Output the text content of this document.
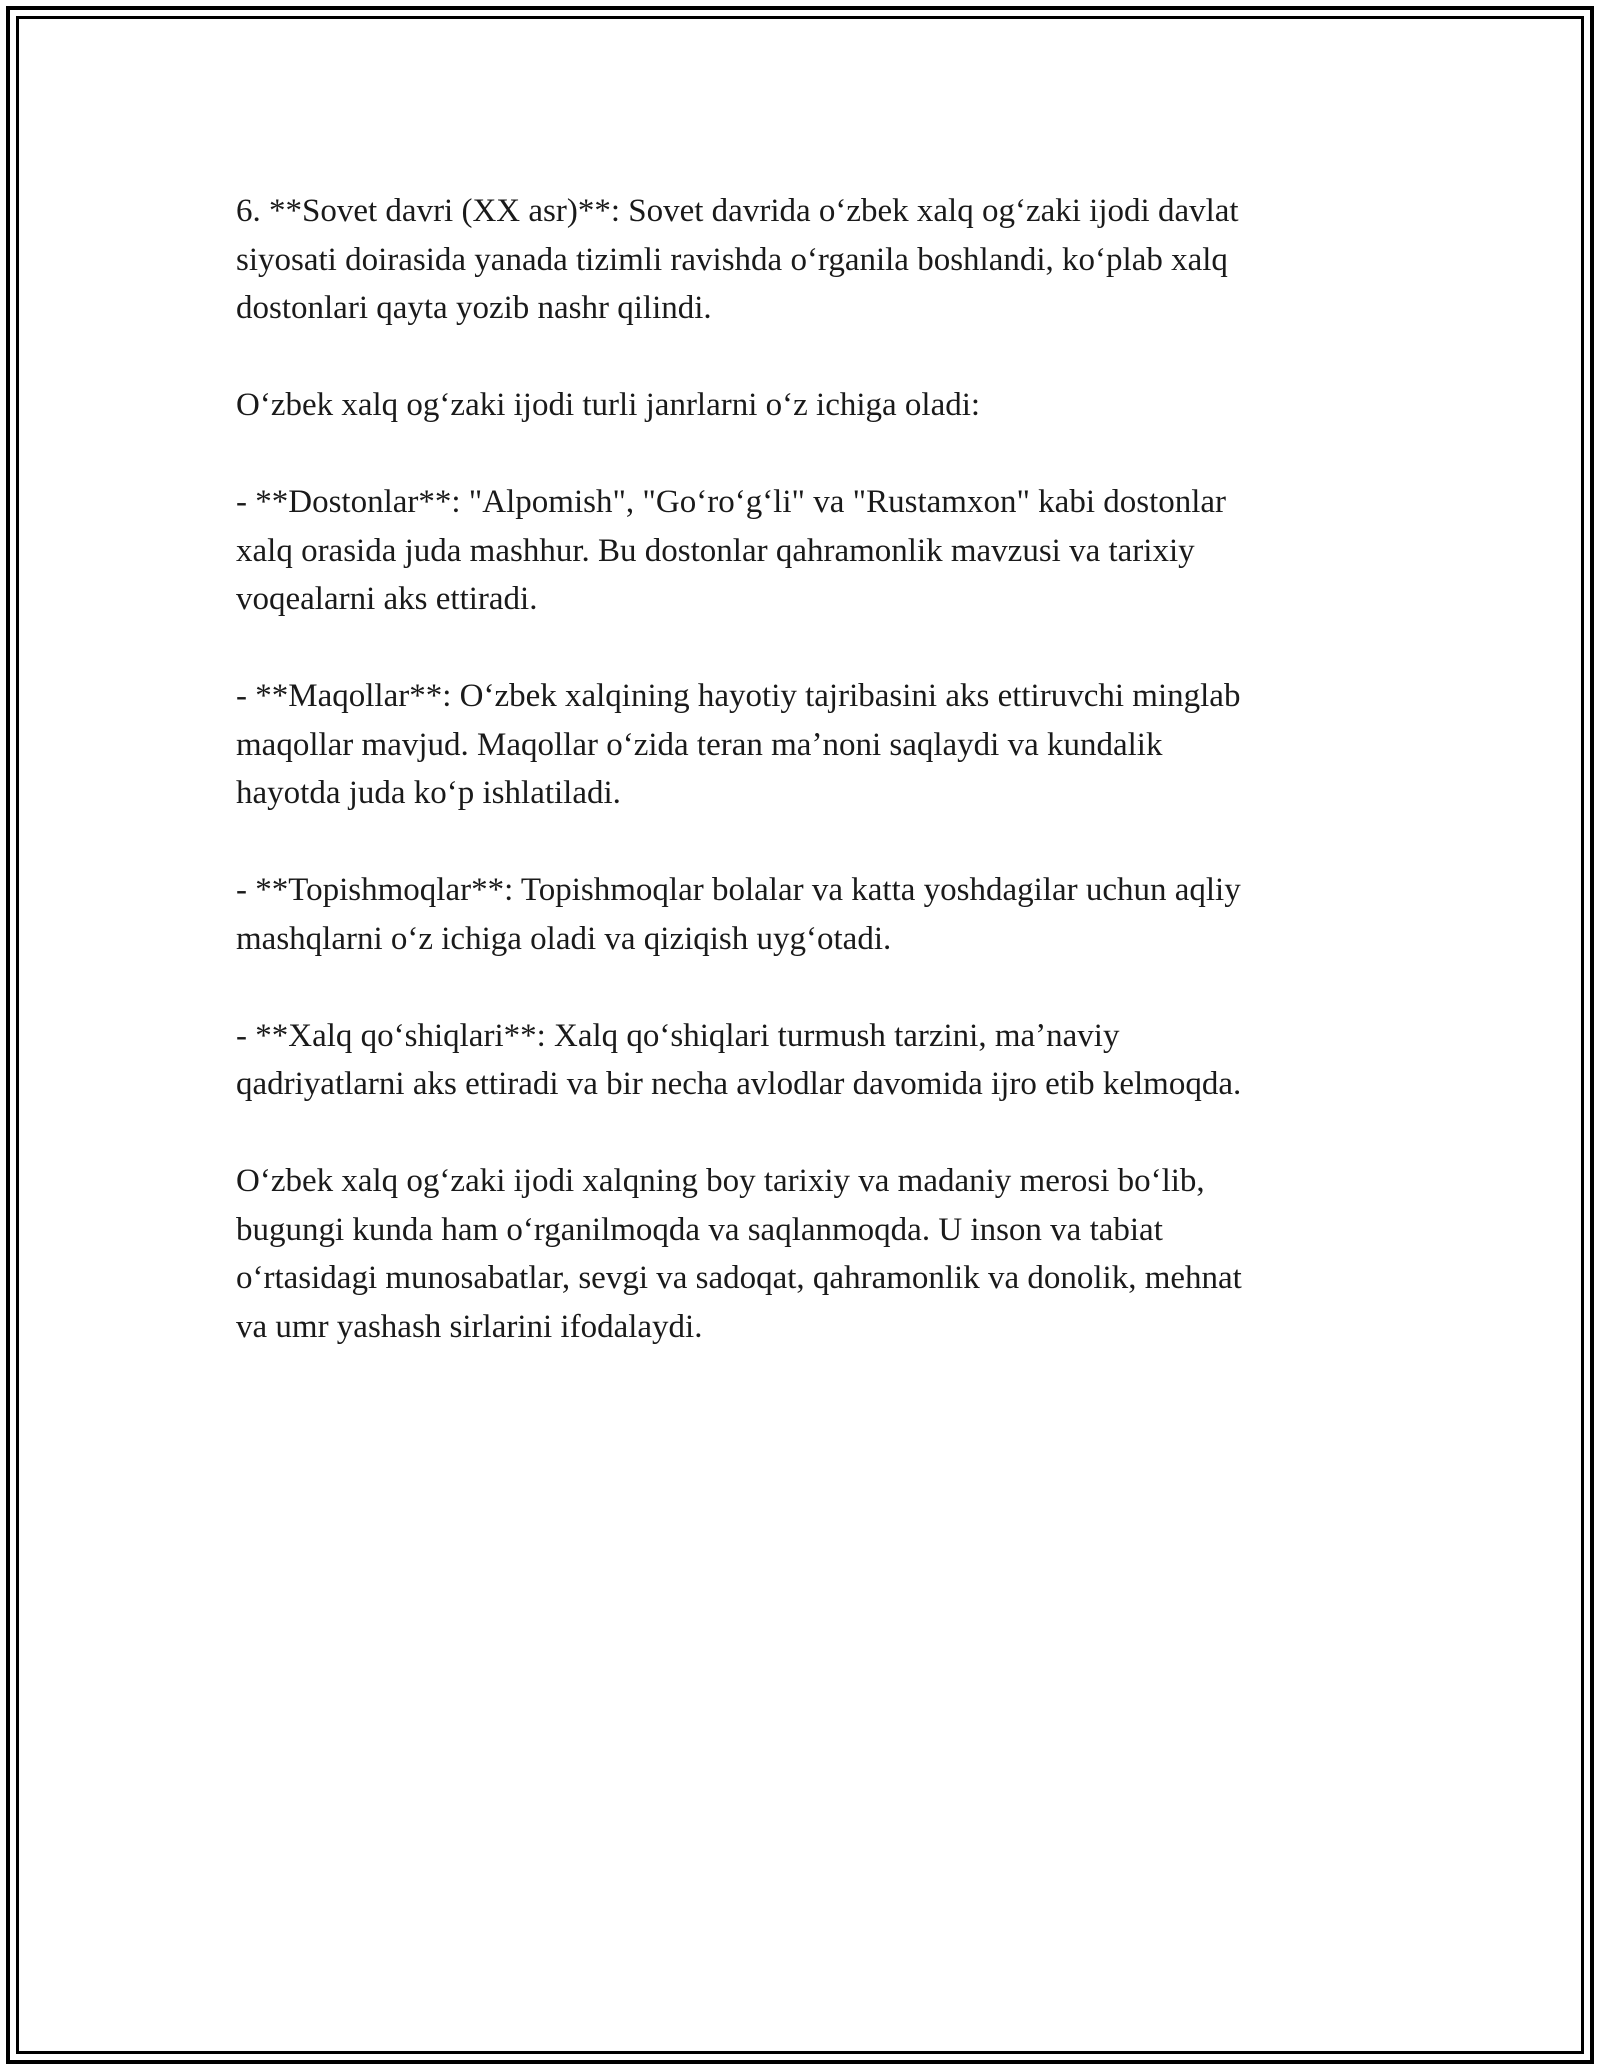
6. **Sovet davri (XX asr)**: Sovet davrida oʻzbek xalq ogʻzaki ijodi davlat
siyosati doirasida yanada tizimli ravishda oʻrganila boshlandi, koʻplab xalq
dostonlari qayta yozib nashr qilindi.

Oʻzbek xalq ogʻzaki ijodi turli janrlarni oʻz ichiga oladi:

- **Dostonlar**: "Alpomish", "Goʻroʻgʻli" va "Rustamxon" kabi dostonlar
xalq orasida juda mashhur. Bu dostonlar qahramonlik mavzusi va tarixiy
voqealarni aks ettiradi.

- **Maqollar**: Oʻzbek xalqining hayotiy tajribasini aks ettiruvchi minglab
maqollar mavjud. Maqollar oʻzida teran maʼnoni saqlaydi va kundalik
hayotda juda koʻp ishlatiladi.

- **Topishmoqlar**: Topishmoqlar bolalar va katta yoshdagilar uchun aqliy
mashqlarni oʻz ichiga oladi va qiziqish uygʻotadi.

- **Xalq qoʻshiqlari**: Xalq qoʻshiqlari turmush tarzini, maʼnaviy
qadriyatlarni aks ettiradi va bir necha avlodlar davomida ijro etib kelmoqda.

Oʻzbek xalq ogʻzaki ijodi xalqning boy tarixiy va madaniy merosi boʻlib,
bugungi kunda ham oʻrganilmoqda va saqlanmoqda. U inson va tabiat
oʻrtasidagi munosabatlar, sevgi va sadoqat, qahramonlik va donolik, mehnat
va umr yashash sirlarini ifodalaydi.
